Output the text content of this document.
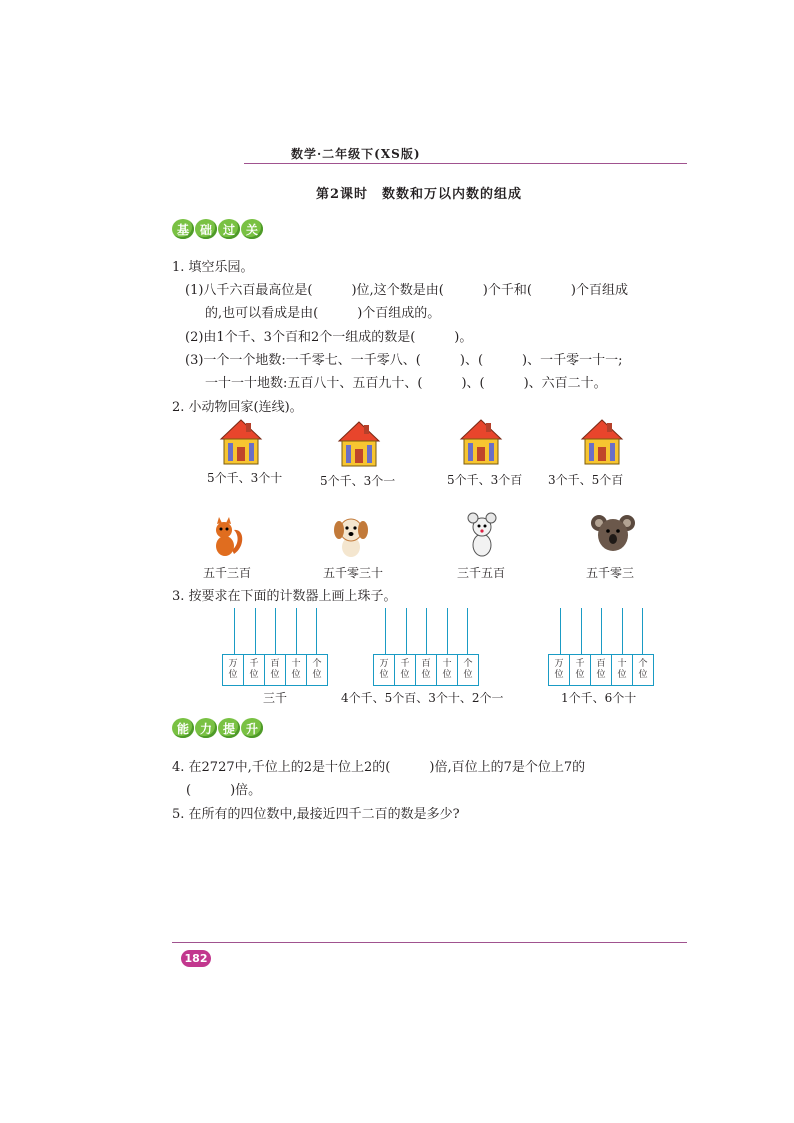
数学·二年级下(XS版)
第2课时　数数和万以内数的组成
基 础 过 关
1. 填空乐园。
(1)八千六百最高位是(　　　)位,这个数是由(　　　)个千和(　　　)个百组成
的,也可以看成是由(　　　)个百组成的。
(2)由1个千、3个百和2个一组成的数是(　　　)。
(3)一个一个地数:一千零七、一千零八、(　　　)、(　　　)、一千零一十一;
一十一十地数:五百八十、五百九十、(　　　)、(　　　)、六百二十。
2. 小动物回家(连线)。
5个千、3个十	5个千、3个一	5个千、3个百 3个千、5个百
五千三百	五千零三十	三千五百	五千零三
3. 按要求在下面的计数器上画上珠子。
万
位
千
位
百
位
十
位
个
位
万
位
千
位
百
位
十
位
个
位
万
位
千
位
百
位
十
位
个
位
三千	4个千、5个百、3个十、2个一	1个千、6个十
能 力 提 升
4. 在2727中,千位上的2是十位上2的(　　　)倍,百位上的7是个位上7的
(　　　)倍。
5. 在所有的四位数中,最接近四千二百的数是多少?
182
